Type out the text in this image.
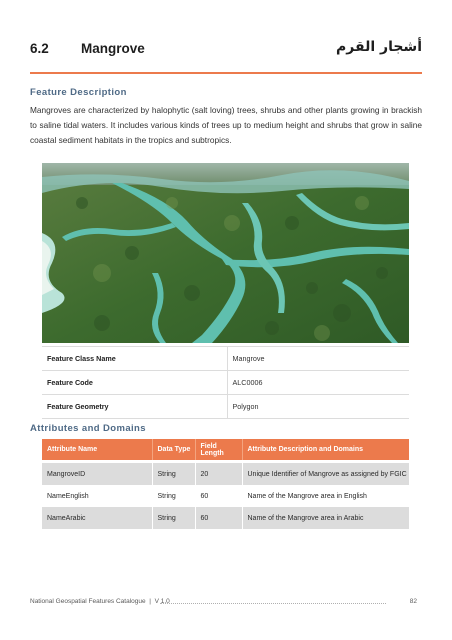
6.2 Mangrove	أشجار القرم
Feature Description

Mangroves are characterized by halophytic (salt loving) trees, shrubs and other plants growing in brackish to saline tidal waters. It includes various kinds of trees up to medium height and shrubs that grow in saline coastal sediment habitats in the tropics and subtropics.

Feature Class Name	Mangrove
Feature Code	ALC0006
Feature Geometry	Polygon
Attributes and Domains
Attribute Name	Data Type	Field Length	Attribute Description and Domains

MangroveID	String	20	Unique Identifier of Mangrove as assigned by FGIC
NameEnglish	String	60	Name of the Mangrove area in English
NameArabic	String	60	Name of the Mangrove area in Arabic
National Geospatial Features Catalogue | V 1.0	82
